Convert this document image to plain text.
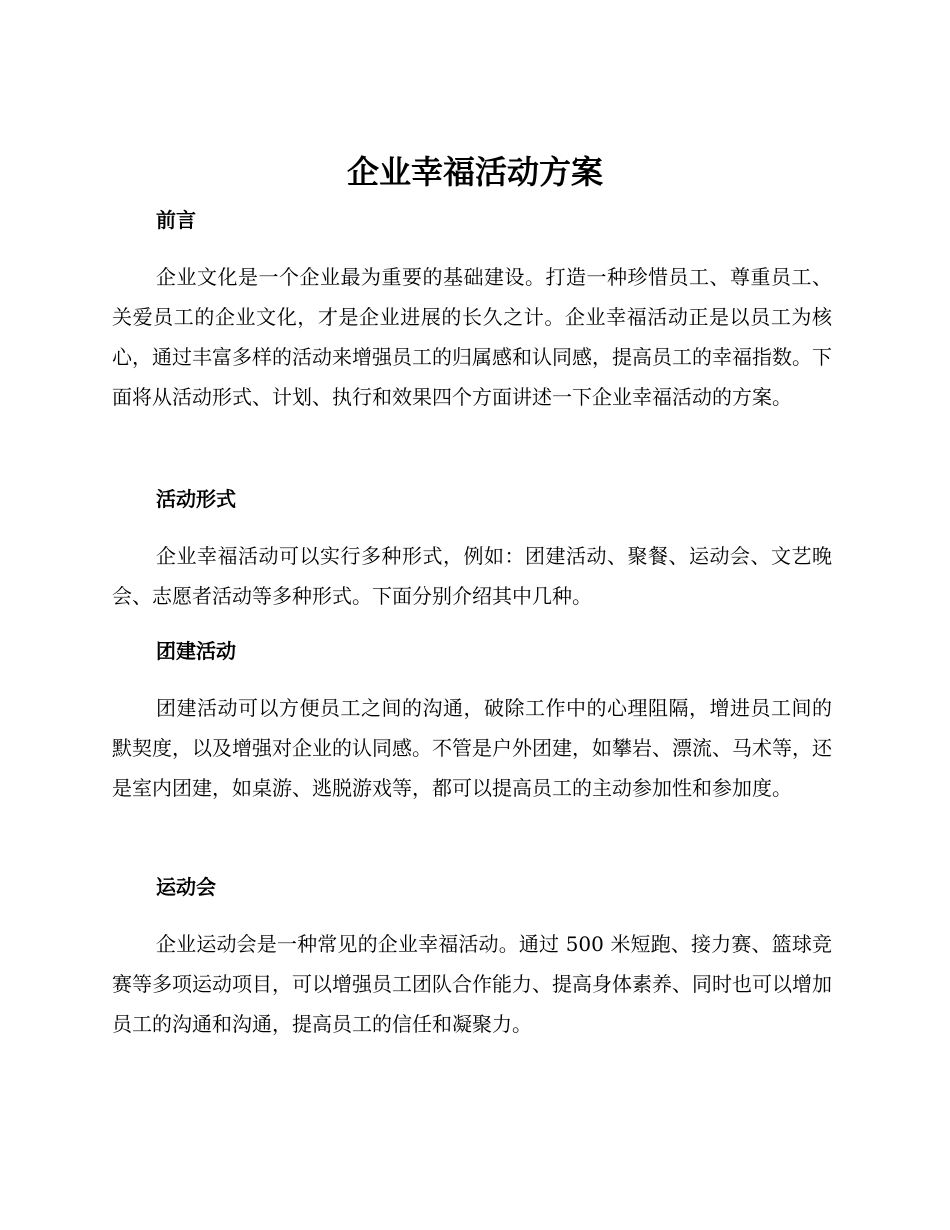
企业幸福活动方案
前言

企业文化是一个企业最为重要的基础建设。打造一种珍惜员工、尊重员工、关爱员工的企业文化，才是企业进展的长久之计。企业幸福活动正是以员工为核心，通过丰富多样的活动来增强员工的归属感和认同感，提高员工的幸福指数。下面将从活动形式、计划、执行和效果四个方面讲述一下企业幸福活动的方案。

活动形式

企业幸福活动可以实行多种形式，例如：团建活动、聚餐、运动会、文艺晚会、志愿者活动等多种形式。下面分别介绍其中几种。

团建活动

团建活动可以方便员工之间的沟通，破除工作中的心理阻隔，增进员工间的默契度，以及增强对企业的认同感。不管是户外团建，如攀岩、漂流、马术等，还是室内团建，如桌游、逃脱游戏等，都可以提高员工的主动参加性和参加度。

运动会

企业运动会是一种常见的企业幸福活动。通过 500 米短跑、接力赛、篮球竞赛等多项运动项目，可以增强员工团队合作能力、提高身体素养、同时也可以增加员工的沟通和沟通，提高员工的信任和凝聚力。
